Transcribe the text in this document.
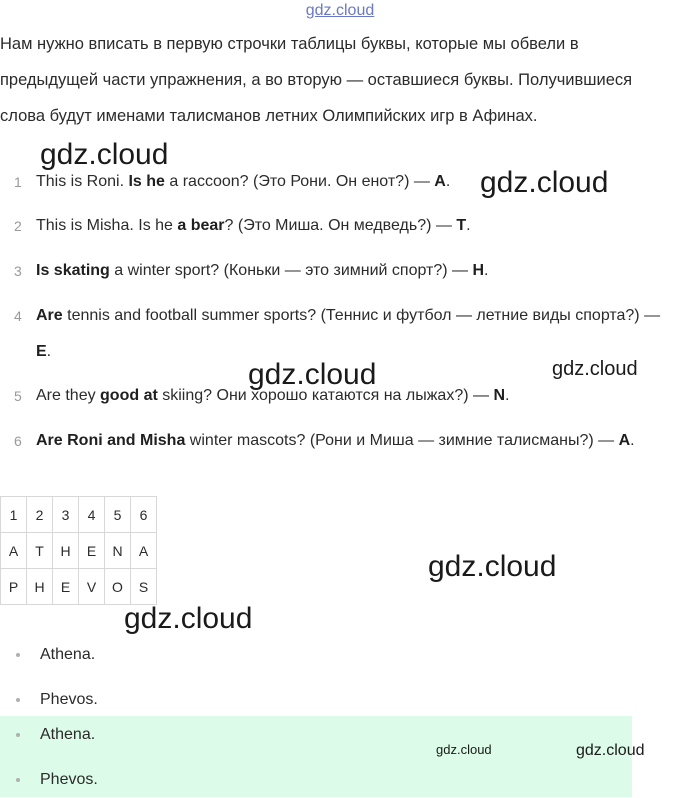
gdz.cloud
Нам нужно вписать в первую строчки таблицы буквы, которые мы обвели в предыдущей части упражнения, а во вторую — оставшиеся буквы. Получившиеся слова будут именами талисманов летних Олимпийских игр в Афинах.
1 This is Roni. Is he a raccoon? (Это Рони. Он енот?) — A.
2 This is Misha. Is he a bear? (Это Миша. Он медведь?) — T.
3 Is skating a winter sport? (Коньки — это зимний спорт?) — H.
4 Are tennis and football summer sports? (Теннис и футбол — летние виды спорта?) — E.
5 Are they good at skiing? Они хорошо катаются на лыжах?) — N.
6 Are Roni and Misha winter mascots? (Рони и Миша — зимние талисманы?) — A.
1	2	3	4	5	6
A	T	H	E	N	A
P	H	E	V	O	S
Athena.
Phevos.
Athena.
Phevos.
gdz.cloud
gdz.cloud
gdz.cloud	gdz.cloud
gdz.cloud
gdz.cloud
gdz.cloud	gdz.cloud
